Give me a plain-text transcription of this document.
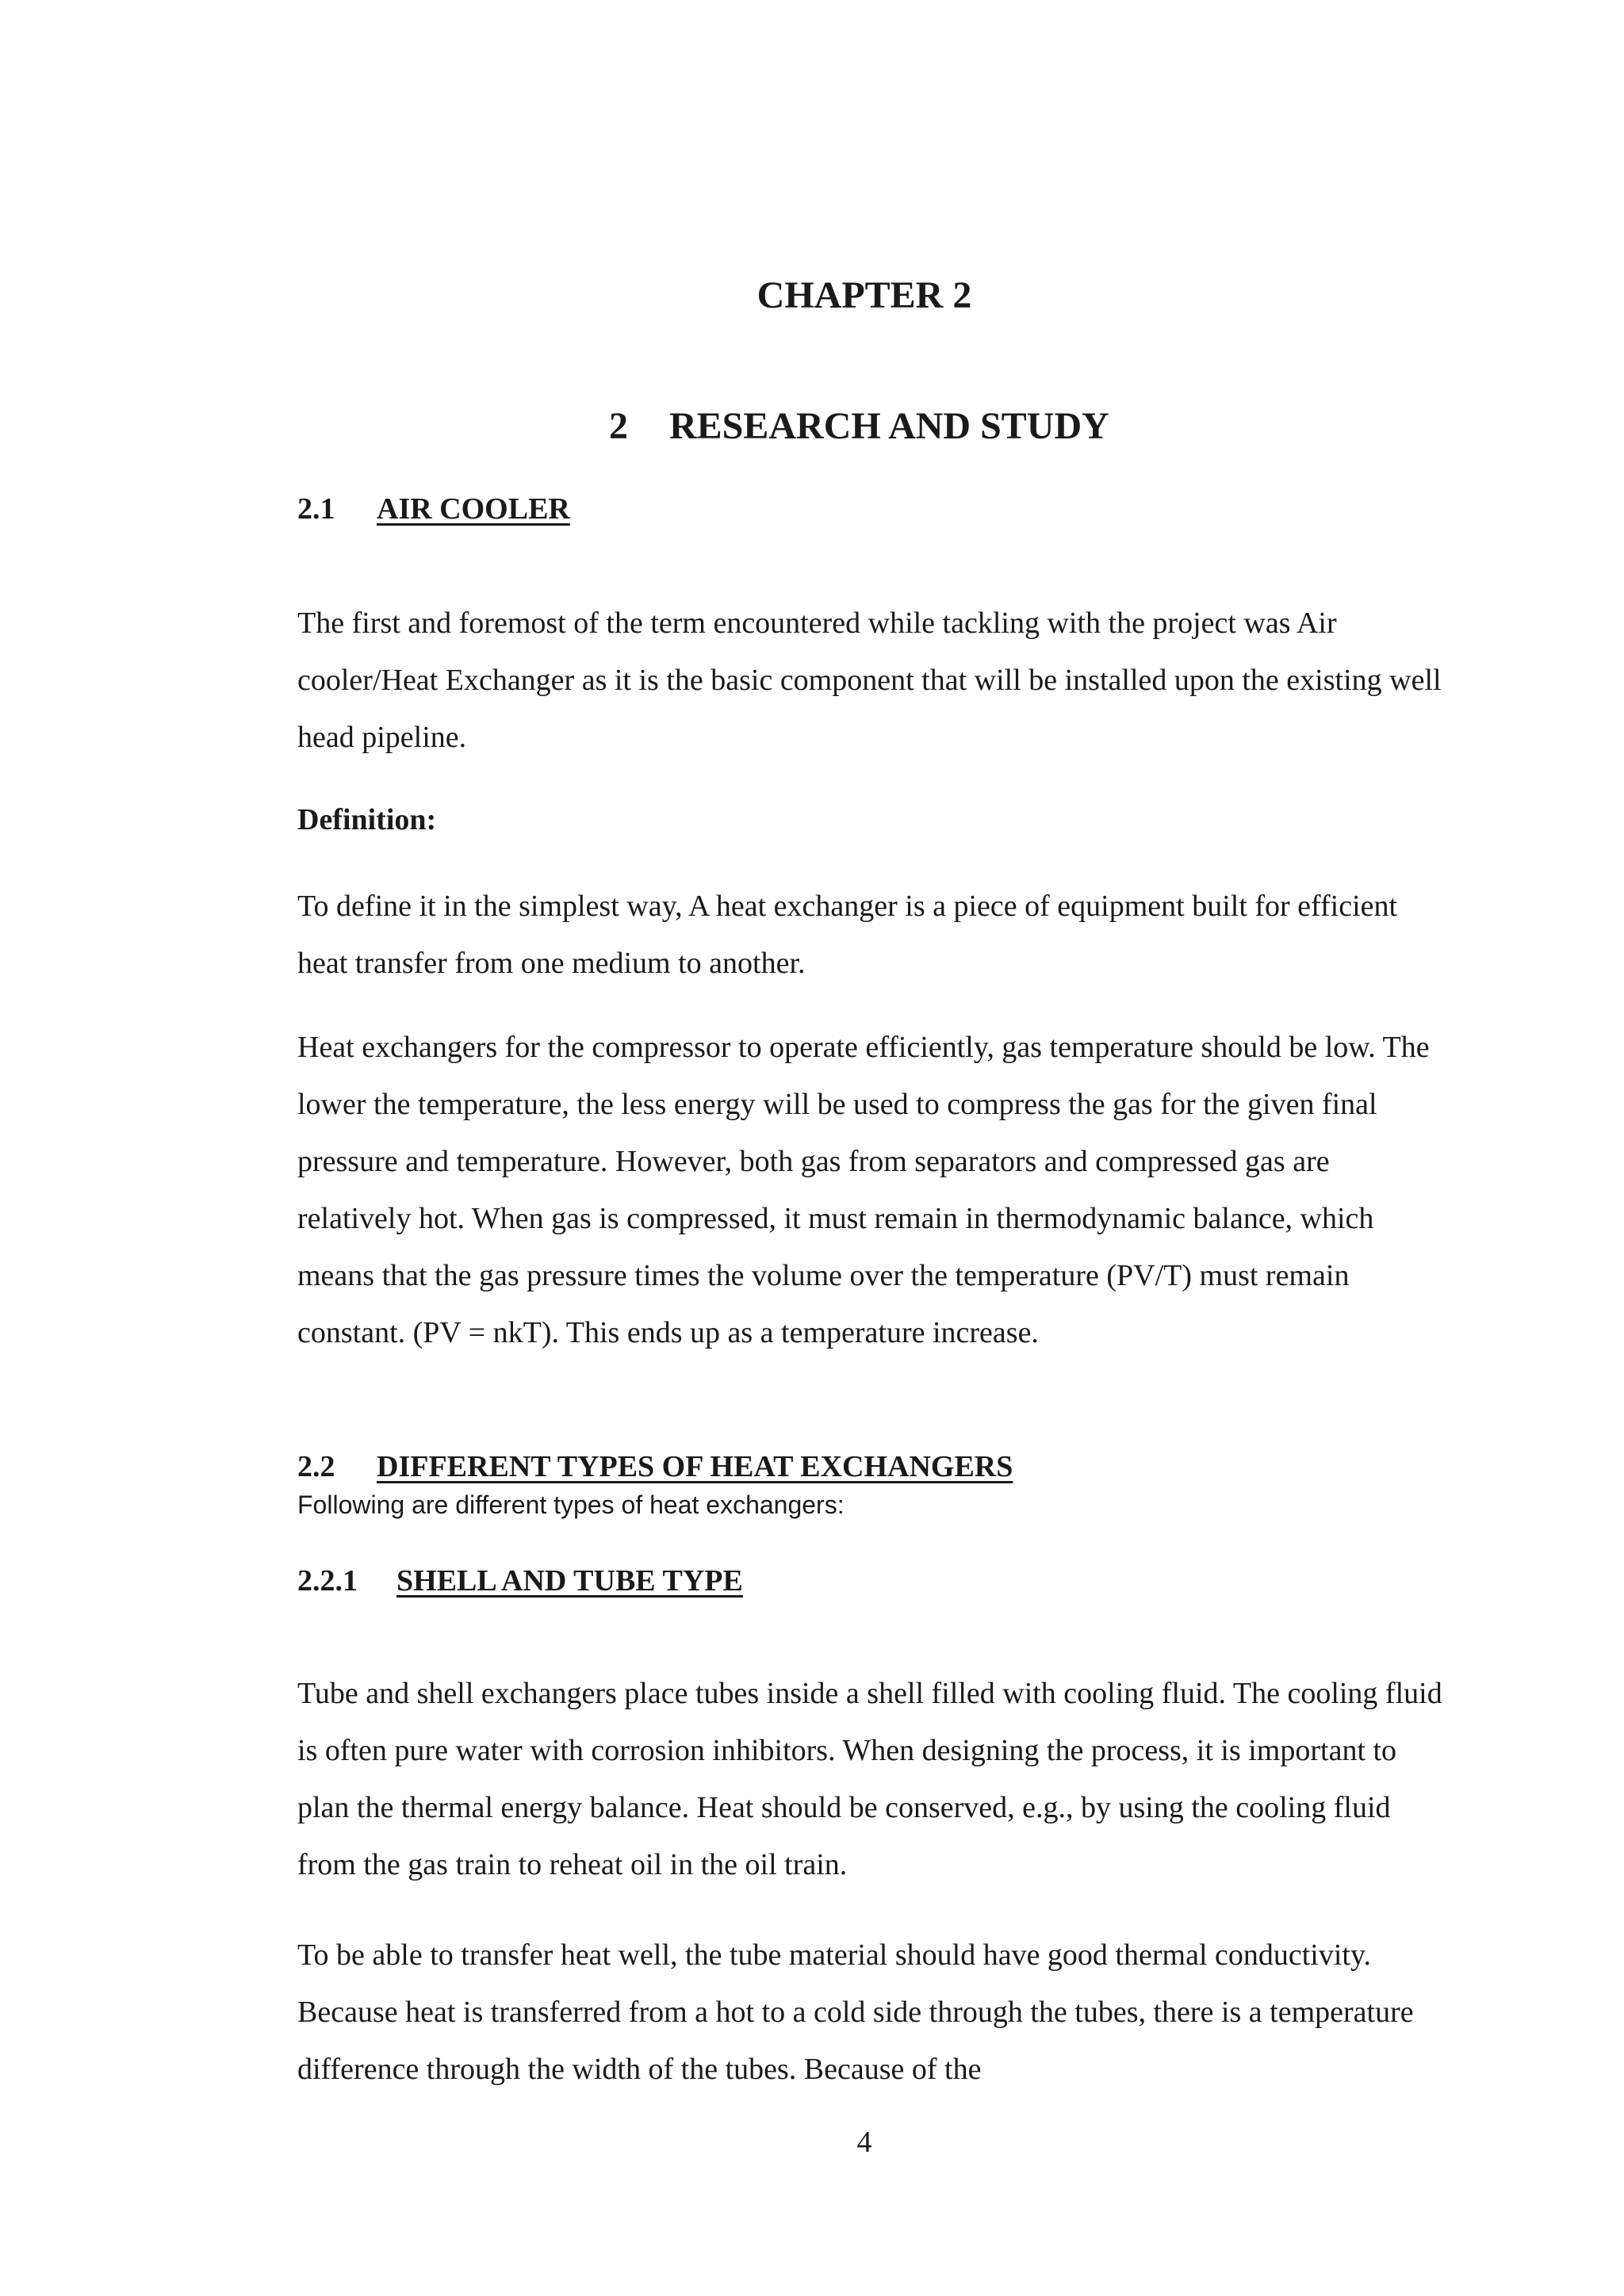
CHAPTER 2
2 RESEARCH AND STUDY
2.1 AIR COOLER

The first and foremost of the term encountered while tackling with the project was Air cooler/Heat Exchanger as it is the basic component that will be installed upon the existing well head pipeline.

Definition:

To define it in the simplest way, A heat exchanger is a piece of equipment built for efficient heat transfer from one medium to another.

Heat exchangers for the compressor to operate efficiently, gas temperature should be low. The lower the temperature, the less energy will be used to compress the gas for the given final pressure and temperature. However, both gas from separators and compressed gas are relatively hot. When gas is compressed, it must remain in thermodynamic balance, which means that the gas pressure times the volume over the temperature (PV/T) must remain constant. (PV = nkT). This ends up as a temperature increase.

2.2 DIFFERENT TYPES OF HEAT EXCHANGERS

Following are different types of heat exchangers:

2.2.1 SHELL AND TUBE TYPE

Tube and shell exchangers place tubes inside a shell filled with cooling fluid. The cooling fluid is often pure water with corrosion inhibitors. When designing the process, it is important to plan the thermal energy balance. Heat should be conserved, e.g., by using the cooling fluid from the gas train to reheat oil in the oil train.

To be able to transfer heat well, the tube material should have good thermal conductivity. Because heat is transferred from a hot to a cold side through the tubes, there is a temperature difference through the width of the tubes. Because of the

4
